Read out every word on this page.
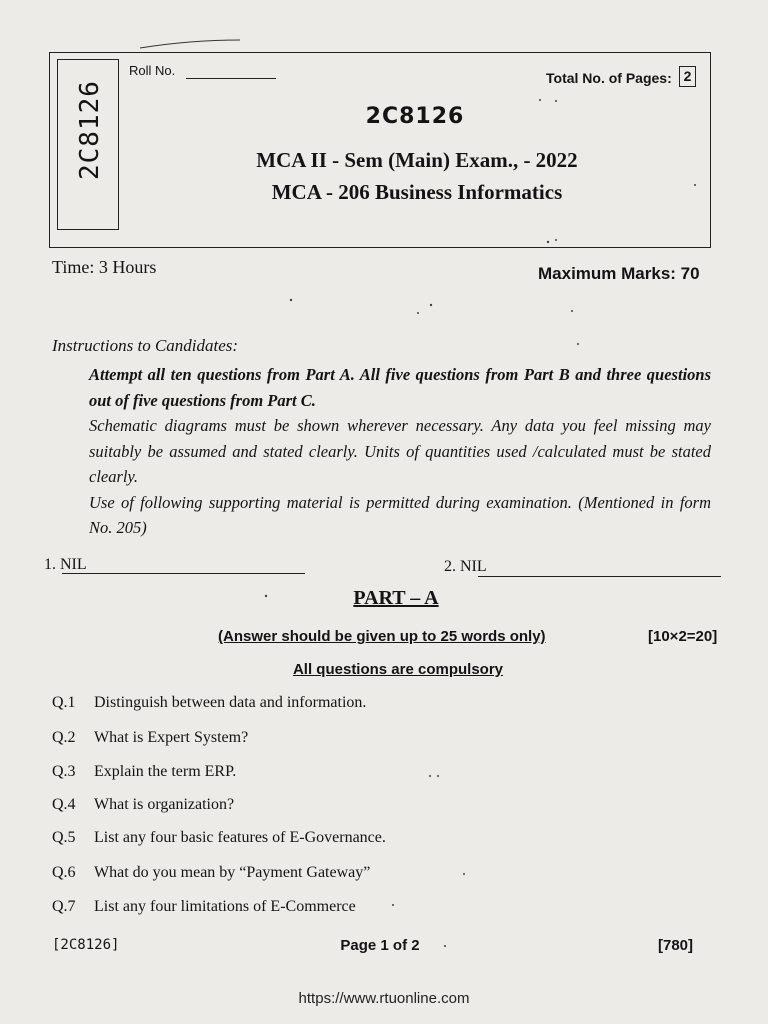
2C8126
Roll No.	Total No. of Pages: 2
2C8126
MCA II - Sem (Main) Exam., - 2022
MCA - 206 Business Informatics
Time: 3 Hours	Maximum Marks: 70
Instructions to Candidates:

Attempt all ten questions from Part A. All five questions from Part B and three questions out of five questions from Part C.

Schematic diagrams must be shown wherever necessary. Any data you feel missing may suitably be assumed and stated clearly. Units of quantities used /calculated must be stated clearly.

Use of following supporting material is permitted during examination. (Mentioned in form No. 205)

1. NIL	2. NIL
PART – A
(Answer should be given up to 25 words only)	[10×2=20]
All questions are compulsory
Q.1 Distinguish between data and information.
Q.2 What is Expert System?
Q.3 Explain the term ERP.
Q.4 What is organization?
Q.5 List any four basic features of E-Governance.
Q.6 What do you mean by “Payment Gateway”
Q.7 List any four limitations of E-Commerce
[2C8126]	Page 1 of 2	[780]
https://www.rtuonline.com
